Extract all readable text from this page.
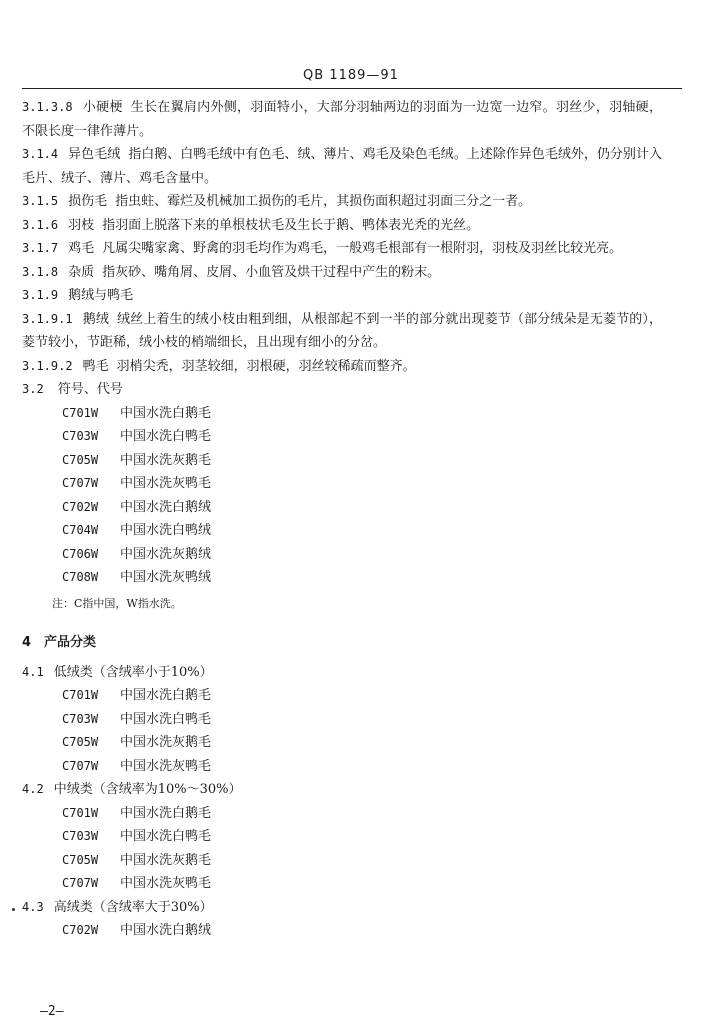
QB 1189—91

3.1.3.8 小硬梗 生长在翼肩内外侧，羽面特小，大部分羽轴两边的羽面为一边宽一边窄。羽丝少，羽轴硬，不限长度一律作薄片。

3.1.4 异色毛绒 指白鹅、白鸭毛绒中有色毛、绒、薄片、鸡毛及染色毛绒。上述除作异色毛绒外，仍分别计入毛片、绒子、薄片、鸡毛含量中。

3.1.5 损伤毛 指虫蛀、霉烂及机械加工损伤的毛片，其损伤面积超过羽面三分之一者。

3.1.6 羽枝 指羽面上脱落下来的单根枝状毛及生长于鹅、鸭体表光秃的光丝。

3.1.7 鸡毛 凡属尖嘴家禽、野禽的羽毛均作为鸡毛，一般鸡毛根部有一根附羽，羽枝及羽丝比较光亮。

3.1.8 杂质 指灰砂、嘴角屑、皮屑、小血管及烘干过程中产生的粉末。

3.1.9 鹅绒与鸭毛

3.1.9.1 鹅绒 绒丝上着生的绒小枝由粗到细，从根部起不到一半的部分就出现菱节（部分绒朵是无菱节的），菱节较小，节距稀，绒小枝的梢端细长，且出现有细小的分岔。

3.1.9.2 鸭毛 羽梢尖秃，羽茎较细，羽根硬，羽丝较稀疏而整齐。

3.2 符号、代号

C701W 中国水洗白鹅毛
C703W 中国水洗白鸭毛
C705W 中国水洗灰鹅毛
C707W 中国水洗灰鸭毛
C702W 中国水洗白鹅绒
C704W 中国水洗白鸭绒
C706W 中国水洗灰鹅绒
C708W 中国水洗灰鸭绒
注：C指中国，W指水洗。
4　产品分类

4.1 低绒类（含绒率小于10%）

C701W 中国水洗白鹅毛
C703W 中国水洗白鸭毛
C705W 中国水洗灰鹅毛
C707W 中国水洗灰鸭毛

4.2 中绒类（含绒率为10%～30%）

C701W 中国水洗白鹅毛
C703W 中国水洗白鸭毛
C705W 中国水洗灰鹅毛
C707W 中国水洗灰鸭毛

4.3 高绒类（含绒率大于30%）

C702W 中国水洗白鹅绒
—2—
